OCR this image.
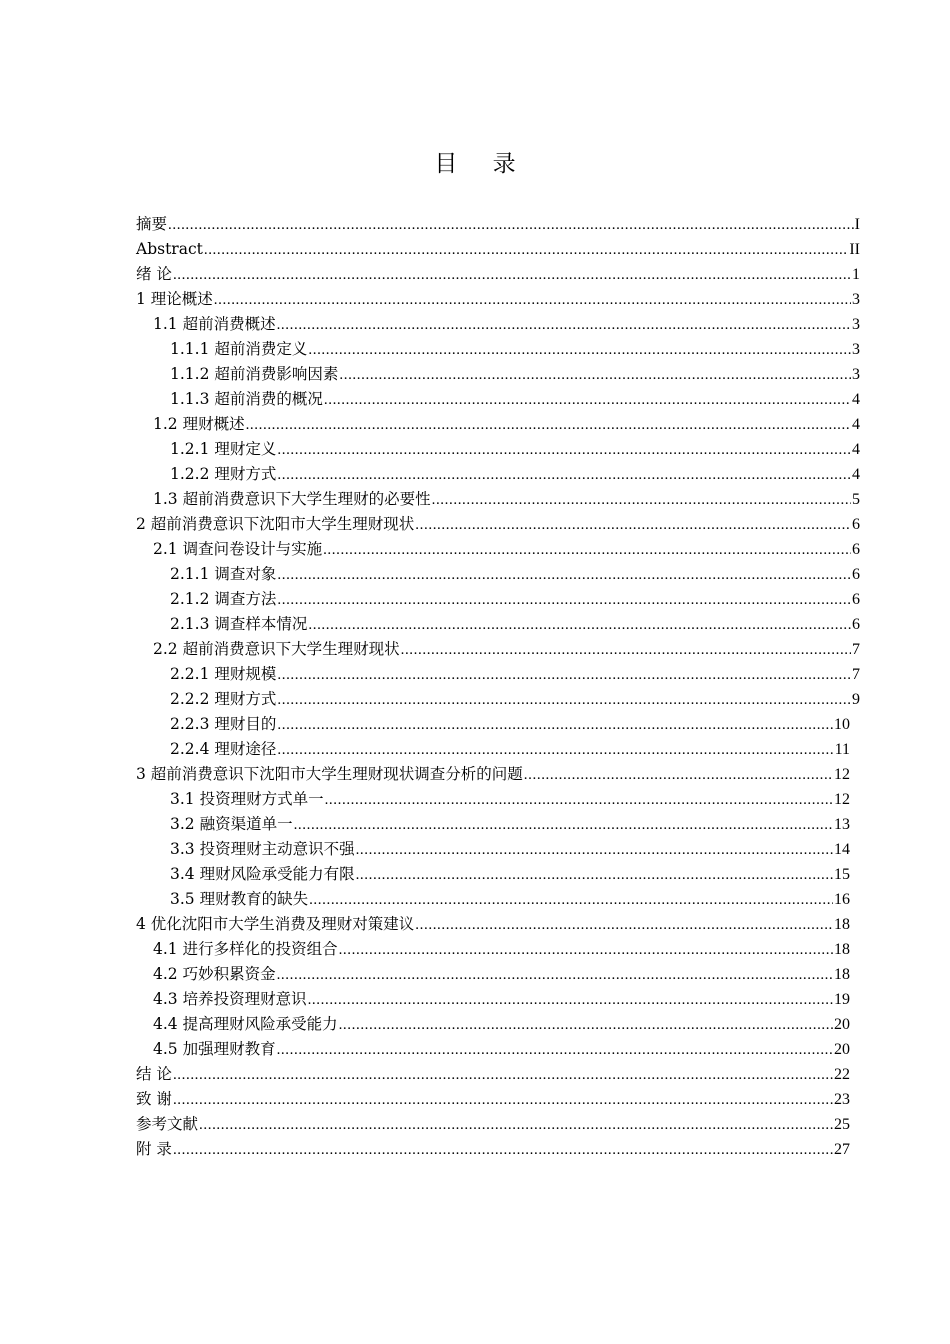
目 录
摘要 .....	I
Abstract .....	II
绪 论 .....	1
1 理论概述 .....	3
1.1 超前消费概述 .....	3
1.1.1 超前消费定义 .....	3
1.1.2 超前消费影响因素 .....	3
1.1.3 超前消费的概况 .....	4
1.2 理财概述 .....	4
1.2.1 理财定义 .....	4
1.2.2 理财方式 .....	4
1.3 超前消费意识下大学生理财的必要性 .....	5
2 超前消费意识下沈阳市大学生理财现状 .....	6
2.1 调查问卷设计与实施 .....	6
2.1.1 调查对象 .....	6
2.1.2 调查方法 .....	6
2.1.3 调查样本情况 .....	6
2.2 超前消费意识下大学生理财现状 .....	7
2.2.1 理财规模 .....	7
2.2.2 理财方式 .....	9
2.2.3 理财目的 .....	10
2.2.4 理财途径 .....	11
3 超前消费意识下沈阳市大学生理财现状调查分析的问题 .....	12
3.1 投资理财方式单一 .....	12
3.2 融资渠道单一 .....	13
3.3 投资理财主动意识不强 .....	14
3.4 理财风险承受能力有限 .....	15
3.5 理财教育的缺失 .....	16
4 优化沈阳市大学生消费及理财对策建议 .....	18
4.1 进行多样化的投资组合 .....	18
4.2 巧妙积累资金 .....	18
4.3 培养投资理财意识 .....	19
4.4 提高理财风险承受能力 .....	20
4.5 加强理财教育 .....	20
结 论 .....	22
致 谢 .....	23
参考文献 .....	25
附 录 .....	27
